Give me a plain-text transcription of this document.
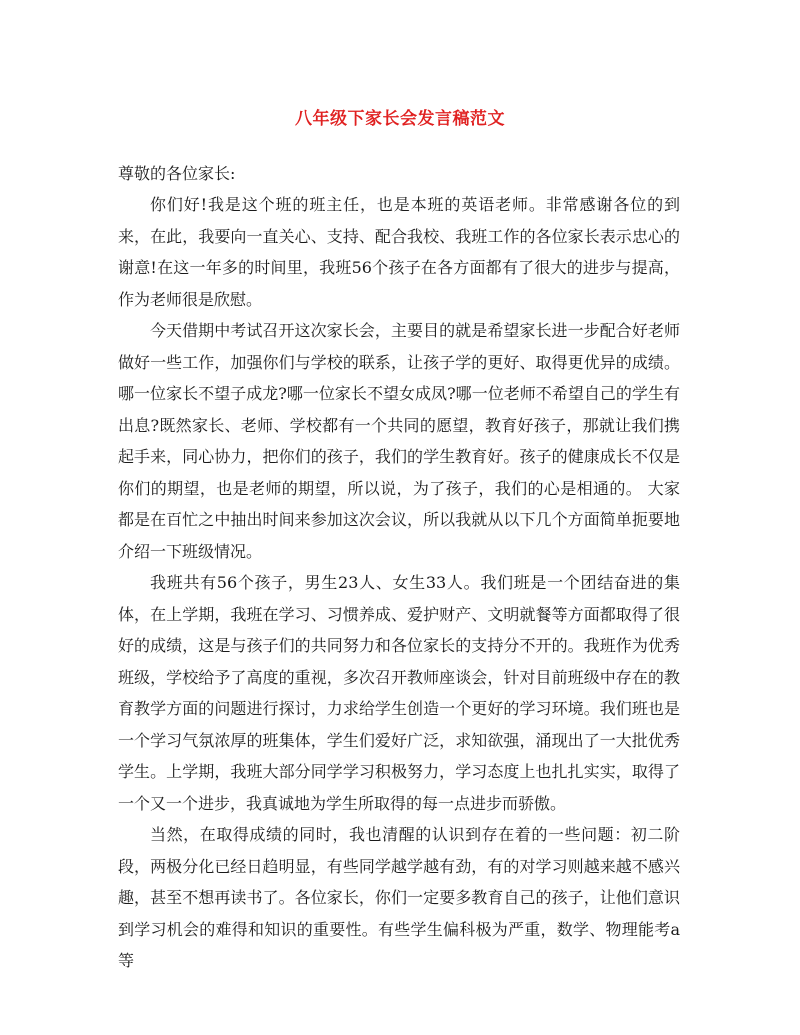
八年级下家长会发言稿范文

尊敬的各位家长:

你们好!我是这个班的班主任，也是本班的英语老师。非常感谢各位的到来，在此，我要向一直关心、支持、配合我校、我班工作的各位家长表示忠心的谢意!在这一年多的时间里，我班56个孩子在各方面都有了很大的进步与提高，作为老师很是欣慰。

今天借期中考试召开这次家长会，主要目的就是希望家长进一步配合好老师做好一些工作，加强你们与学校的联系，让孩子学的更好、取得更优异的成绩。哪一位家长不望子成龙?哪一位家长不望女成凤?哪一位老师不希望自己的学生有出息?既然家长、老师、学校都有一个共同的愿望，教育好孩子，那就让我们携起手来，同心协力，把你们的孩子，我们的学生教育好。孩子的健康成长不仅是你们的期望，也是老师的期望，所以说，为了孩子，我们的心是相通的。 大家都是在百忙之中抽出时间来参加这次会议，所以我就从以下几个方面简单扼要地介绍一下班级情况。

我班共有56个孩子，男生23人、女生33人。我们班是一个团结奋进的集体，在上学期，我班在学习、习惯养成、爱护财产、文明就餐等方面都取得了很好的成绩，这是与孩子们的共同努力和各位家长的支持分不开的。我班作为优秀班级，学校给予了高度的重视，多次召开教师座谈会，针对目前班级中存在的教育教学方面的问题进行探讨，力求给学生创造一个更好的学习环境。我们班也是一个学习气氛浓厚的班集体，学生们爱好广泛，求知欲强，涌现出了一大批优秀学生。上学期，我班大部分同学学习积极努力，学习态度上也扎扎实实，取得了一个又一个进步，我真诚地为学生所取得的每一点进步而骄傲。

当然，在取得成绩的同时，我也清醒的认识到存在着的一些问题：初二阶段，两极分化已经日趋明显，有些同学越学越有劲，有的对学习则越来越不感兴趣，甚至不想再读书了。各位家长，你们一定要多教育自己的孩子，让他们意识到学习机会的难得和知识的重要性。有些学生偏科极为严重，数学、物理能考a等
